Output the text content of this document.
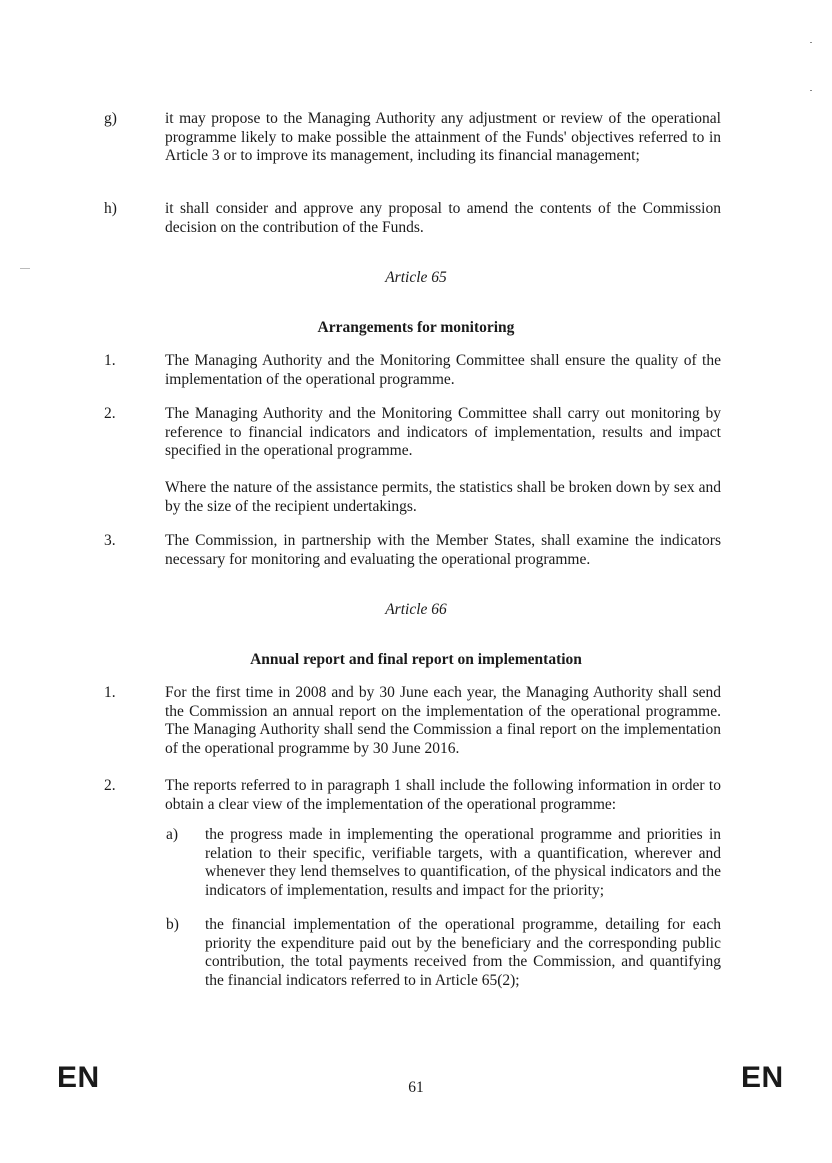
g)	it may propose to the Managing Authority any adjustment or review of the operational programme likely to make possible the attainment of the Funds' objectives referred to in Article 3 or to improve its management, including its financial management;
h)	it shall consider and approve any proposal to amend the contents of the Commission decision on the contribution of the Funds.
Article 65
Arrangements for monitoring
1.	The Managing Authority and the Monitoring Committee shall ensure the quality of the implementation of the operational programme.
2.	The Managing Authority and the Monitoring Committee shall carry out monitoring by reference to financial indicators and indicators of implementation, results and impact specified in the operational programme.
Where the nature of the assistance permits, the statistics shall be broken down by sex and by the size of the recipient undertakings.
3.	The Commission, in partnership with the Member States, shall examine the indicators necessary for monitoring and evaluating the operational programme.
Article 66
Annual report and final report on implementation
1.	For the first time in 2008 and by 30 June each year, the Managing Authority shall send the Commission an annual report on the implementation of the operational programme. The Managing Authority shall send the Commission a final report on the implementation of the operational programme by 30 June 2016.
2.	The reports referred to in paragraph 1 shall include the following information in order to obtain a clear view of the implementation of the operational programme:
a) the progress made in implementing the operational programme and priorities in relation to their specific, verifiable targets, with a quantification, wherever and whenever they lend themselves to quantification, of the physical indicators and the indicators of implementation, results and impact for the priority;
b) the financial implementation of the operational programme, detailing for each priority the expenditure paid out by the beneficiary and the corresponding public contribution, the total payments received from the Commission, and quantifying the financial indicators referred to in Article 65(2);
EN	61	EN
